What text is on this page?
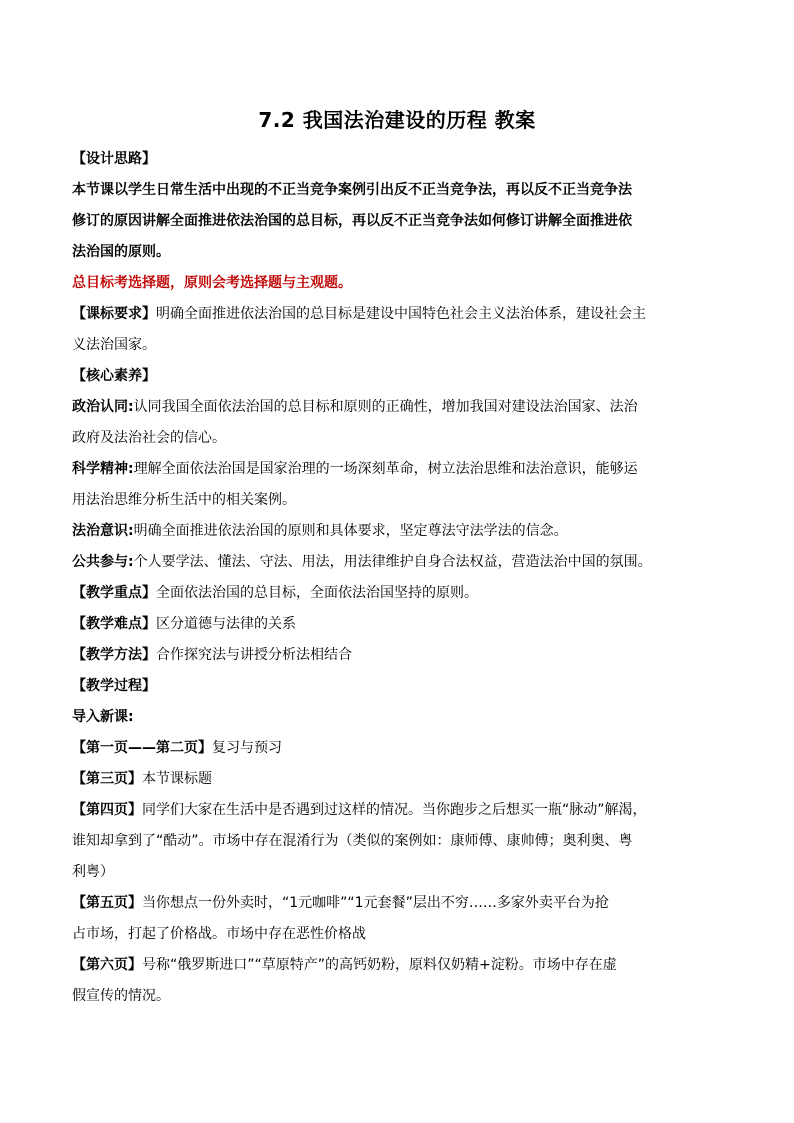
7.2 我国法治建设的历程 教案
【设计思路】
本节课以学生日常生活中出现的不正当竞争案例引出反不正当竞争法，再以反不正当竞争法
修订的原因讲解全面推进依法治国的总目标，再以反不正当竞争法如何修订讲解全面推进依
法治国的原则。
总目标考选择题，原则会考选择题与主观题。
【课标要求】明确全面推进依法治国的总目标是建设中国特色社会主义法治体系，建设社会主
义法治国家。
【核心素养】
政治认同:认同我国全面依法治国的总目标和原则的正确性，增加我国对建设法治国家、法治
政府及法治社会的信心。
科学精神:理解全面依法治国是国家治理的一场深刻革命，树立法治思维和法治意识，能够运
用法治思维分析生活中的相关案例。
法治意识:明确全面推进依法治国的原则和具体要求，坚定尊法守法学法的信念。
公共参与:个人要学法、懂法、守法、用法，用法律维护自身合法权益，营造法治中国的氛围。
【教学重点】全面依法治国的总目标，全面依法治国坚持的原则。
【教学难点】区分道德与法律的关系
【教学方法】合作探究法与讲授分析法相结合
【教学过程】
导入新课:
【第一页——第二页】复习与预习
【第三页】本节课标题
【第四页】同学们大家在生活中是否遇到过这样的情况。当你跑步之后想买一瓶“脉动”解渴，
谁知却拿到了“酷动”。市场中存在混淆行为（类似的案例如：康师傅、康帅傅；奥利奥、粤
利粤）
【第五页】当你想点一份外卖时，“1元咖啡”“1元套餐”层出不穷……多家外卖平台为抢
占市场，打起了价格战。市场中存在恶性价格战
【第六页】号称“俄罗斯进口”“草原特产”的高钙奶粉，原料仅奶精+淀粉。市场中存在虚
假宣传的情况。
